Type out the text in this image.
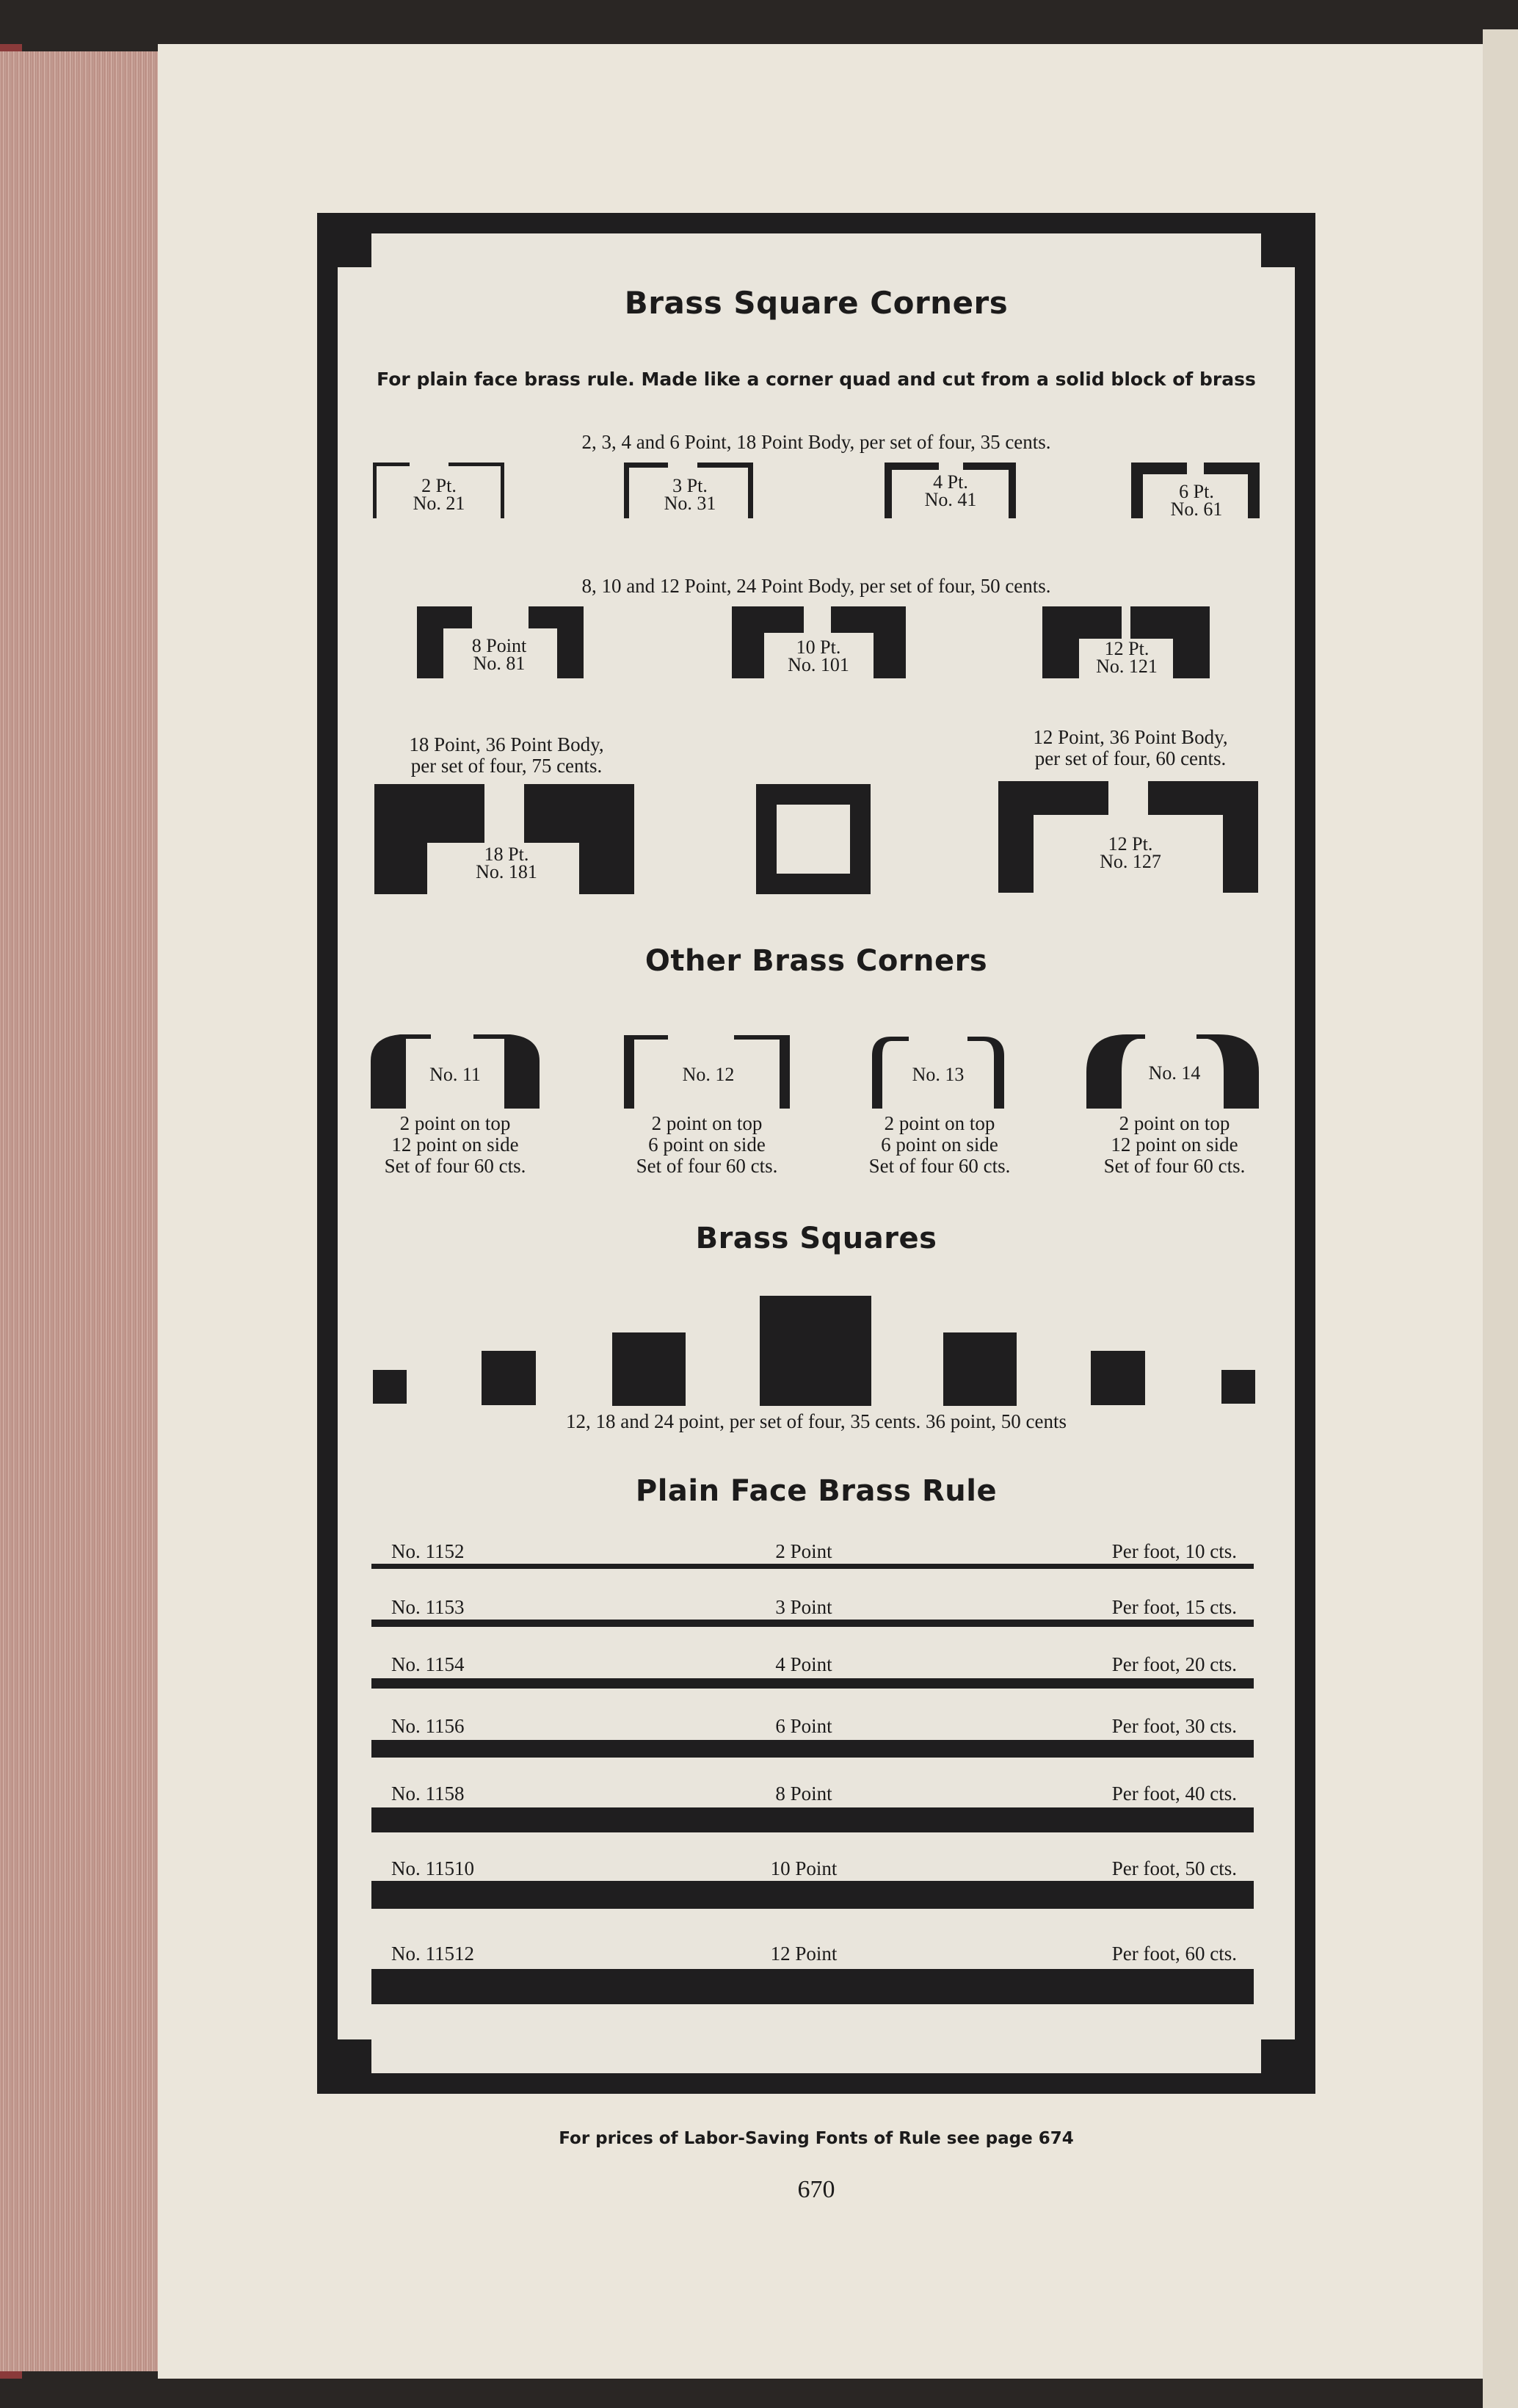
Brass Square Corners
For plain face brass rule. Made like a corner quad and cut from a solid block of brass
2, 3, 4 and 6 Point, 18 Point Body, per set of four, 35 cents.
2 Pt.
No. 21
3 Pt.
No. 31
4 Pt.
No. 41	6 Pt.
No. 61
8, 10 and 12 Point, 24 Point Body, per set of four, 50 cents.
8 Point
No. 81
10 Pt.
No. 101
12 Pt.
No. 121
18 Point, 36 Point Body,
per set of four, 75 cents.
12 Point, 36 Point Body,
per set of four, 60 cents.
18 Pt.
No. 181
12 Pt.
No. 127
Other Brass Corners
No. 11
2 point on top
12 point on side
Set of four 60 cts.
No. 12
2 point on top
6 point on side
Set of four 60 cts.
No. 13
2 point on top
6 point on side
Set of four 60 cts.
No. 14
2 point on top
12 point on side
Set of four 60 cts.
Brass Squares
12, 18 and 24 point, per set of four, 35 cents. 36 point, 50 cents
Plain Face Brass Rule
No. 1152	2 Point	Per foot, 10 cts.
No. 1153	3 Point	Per foot, 15 cts.
No. 1154	4 Point	Per foot, 20 cts.
No. 1156	6 Point	Per foot, 30 cts.
No. 1158	8 Point	Per foot, 40 cts.
No. 11510	10 Point	Per foot, 50 cts.
No. 11512	12 Point	Per foot, 60 cts.
For prices of Labor-Saving Fonts of Rule see page 674
670
